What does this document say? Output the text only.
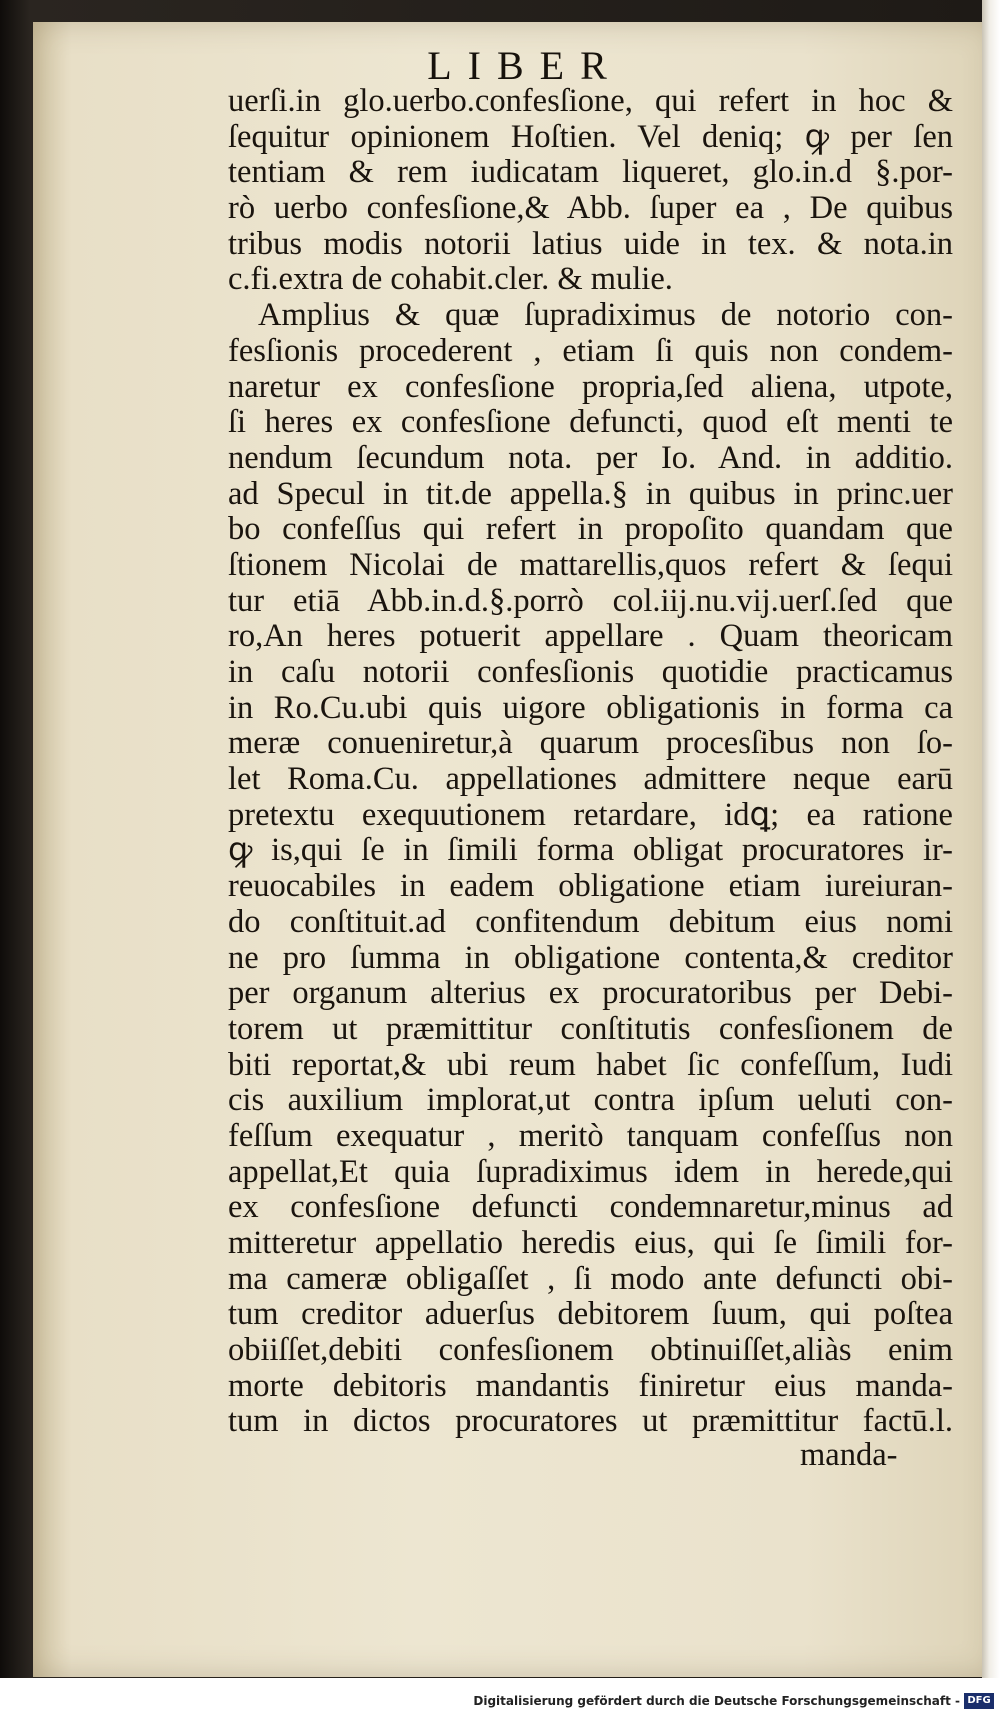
LIBER
uerſi.in glo.uerbo.confesſione, qui refert in hoc &
ſequitur opinionem Hoſtien. Vel deniq; ꝙ per ſen
tentiam & rem iudicatam liqueret, glo.in.d §.por-
rò uerbo confesſione,& Abb. ſuper ea , De quibus
tribus modis notorii latius uide in tex. & nota.in
c.fi.extra de cohabit.cler. & mulie.
Amplius & quæ ſupradiximus de notorio con-
fesſionis procederent , etiam ſi quis non condem-
naretur ex confesſione propria,ſed aliena, utpote,
ſi heres ex confesſione defuncti, quod eſt menti te
nendum ſecundum nota. per Io. And. in additio.
ad Specul in tit.de appella.§ in quibus in princ.uer
bo confeſſus qui refert in propoſito quandam que
ſtionem Nicolai de mattarellis,quos refert & ſequi
tur etiā Abb.in.d.§.porrò col.iij.nu.vij.uerſ.ſed que
ro,An heres potuerit appellare . Quam theoricam
in caſu notorii confesſionis quotidie practicamus
in Ro.Cu.ubi quis uigore obligationis in forma ca
meræ conueniretur,à quarum procesſibus non ſo-
let Roma.Cu. appellationes admittere neque earū
pretextu exequutionem retardare, idꝗ; ea ratione
ꝙ is,qui ſe in ſimili forma obligat procuratores ir-
reuocabiles in eadem obligatione etiam iureiuran-
do conſtituit.ad confitendum debitum eius nomi
ne pro ſumma in obligatione contenta,& creditor
per organum alterius ex procuratoribus per Debi-
torem ut præmittitur conſtitutis confesſionem de
biti reportat,& ubi reum habet ſic confeſſum, Iudi
cis auxilium implorat,ut contra ipſum ueluti con-
feſſum exequatur , meritò tanquam confeſſus non
appellat,Et quia ſupradiximus idem in herede,qui
ex confesſione defuncti condemnaretur,minus ad
mitteretur appellatio heredis eius, qui ſe ſimili for-
ma cameræ obligaſſet , ſi modo ante defuncti obi-
tum creditor aduerſus debitorem ſuum, qui poſtea
obiiſſet,debiti confesſionem obtinuiſſet,aliàs enim
morte debitoris mandantis finiretur eius manda-
tum in dictos procuratores ut præmittitur factū.l.
manda-
Digitalisierung gefördert durch die Deutsche Forschungsgemeinschaft - DFG
